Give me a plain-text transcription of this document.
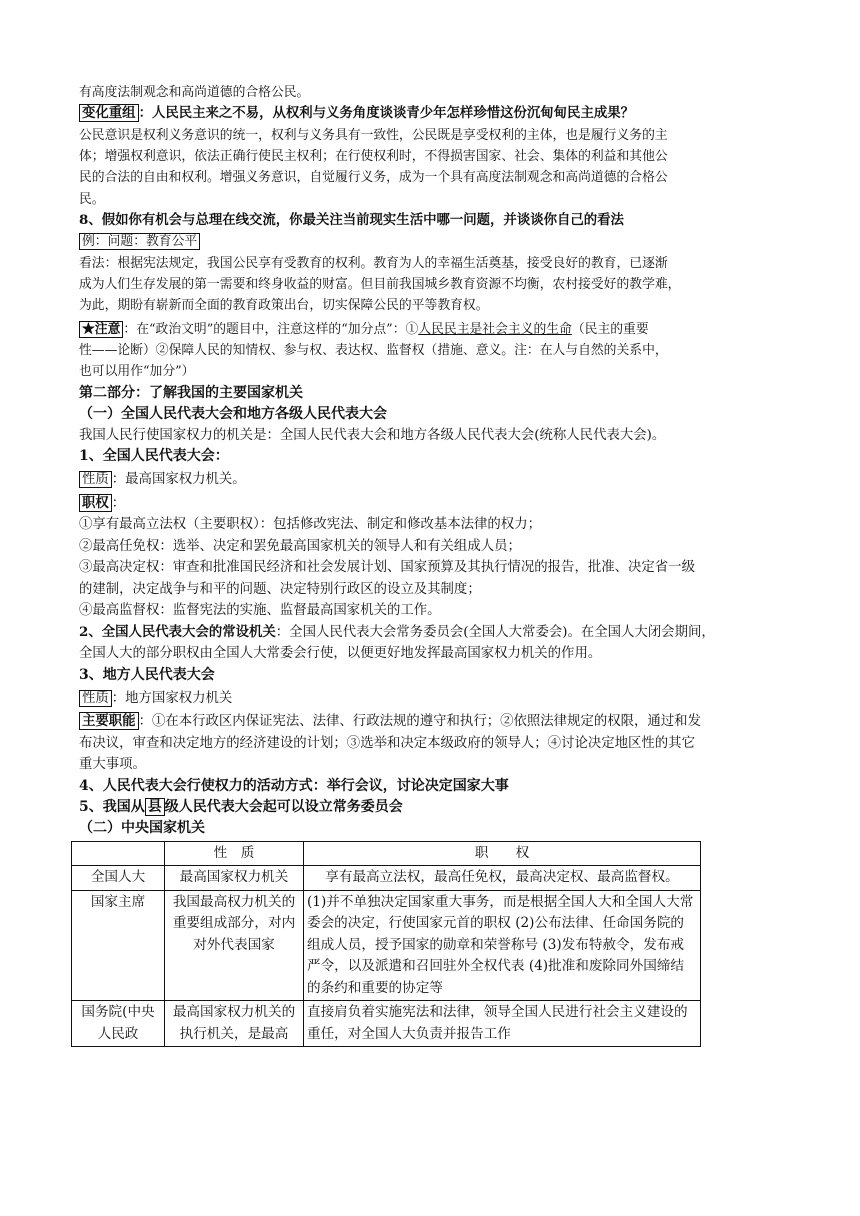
有高度法制观念和高尚道德的合格公民。
变化重组 ：人民民主来之不易，从权利与义务角度谈谈青少年怎样珍惜这份沉甸甸民主成果？
公民意识是权利义务意识的统一，权利与义务具有一致性，公民既是享受权利的主体，也是履行义务的主
体；增强权利意识，依法正确行使民主权利；在行使权利时，不得损害国家、社会、集体的利益和其他公
民的合法的自由和权利。增强义务意识，自觉履行义务，成为一个具有高度法制观念和高尚道德的合格公
民。
8、假如你有机会与总理在线交流，你最关注当前现实生活中哪一问题，并谈谈你自己的看法
例：问题：教育公平
看法：根据宪法规定，我国公民享有受教育的权利。教育为人的幸福生活奠基，接受良好的教育，已逐渐
成为人们生存发展的第一需要和终身收益的财富。但目前我国城乡教育资源不均衡，农村接受好的教学难，
为此，期盼有崭新而全面的教育政策出台，切实保障公民的平等教育权。
★注意 ：在“政治文明”的题目中，注意这样的“加分点”：①人民民主是社会主义的生命（民主的重要
性——论断）②保障人民的知情权、参与权、表达权、监督权（措施、意义。注：在人与自然的关系中，
也可以用作“加分”）
第二部分：了解我国的主要国家机关
（一）全国人民代表大会和地方各级人民代表大会
我国人民行使国家权力的机关是：全国人民代表大会和地方各级人民代表大会(统称人民代表大会)。
1、全国人民代表大会：
性质 ：最高国家权力机关。
职权 ：
①享有最高立法权（主要职权）：包括修改宪法、制定和修改基本法律的权力；
②最高任免权：选举、决定和罢免最高国家机关的领导人和有关组成人员；
③最高决定权：审查和批准国民经济和社会发展计划、国家预算及其执行情况的报告，批准、决定省一级
的建制，决定战争与和平的问题、决定特别行政区的设立及其制度；
④最高监督权：监督宪法的实施、监督最高国家机关的工作。
2、全国人民代表大会的常设机关：全国人民代表大会常务委员会(全国人大常委会)。在全国人大闭会期间，
全国人大的部分职权由全国人大常委会行使，以便更好地发挥最高国家权力机关的作用。
3、地方人民代表大会
性质 ：地方国家权力机关
主要职能 ：①在本行政区内保证宪法、法律、行政法规的遵守和执行；②依照法律规定的权限，通过和发
布决议，审查和决定地方的经济建设的计划；③选举和决定本级政府的领导人；④讨论决定地区性的其它
重大事项。
4、人民代表大会行使权力的活动方式：举行会议，讨论决定国家大事
5、我国从 县 级人民代表大会起可以设立常务委员会
（二）中央国家机关
	性　质	职　　权
全国人大	最高国家权力机关	享有最高立法权，最高任免权，最高决定权、最高监督权。
国家主席	我国最高权力机关的重要组成部分，对内对外代表国家	(1)并不单独决定国家重大事务，而是根据全国人大和全国人大常委会的决定，行使国家元首的职权 (2)公布法律、任命国务院的组成人员，授予国家的勋章和荣誉称号 (3)发布特赦令，发布戒严令，以及派遣和召回驻外全权代表 (4)批准和废除同外国缔结的条约和重要的协定等
国务院(中央人民政	最高国家权力机关的执行机关，是最高	直接肩负着实施宪法和法律，领导全国人民进行社会主义建设的重任，对全国人大负责并报告工作
